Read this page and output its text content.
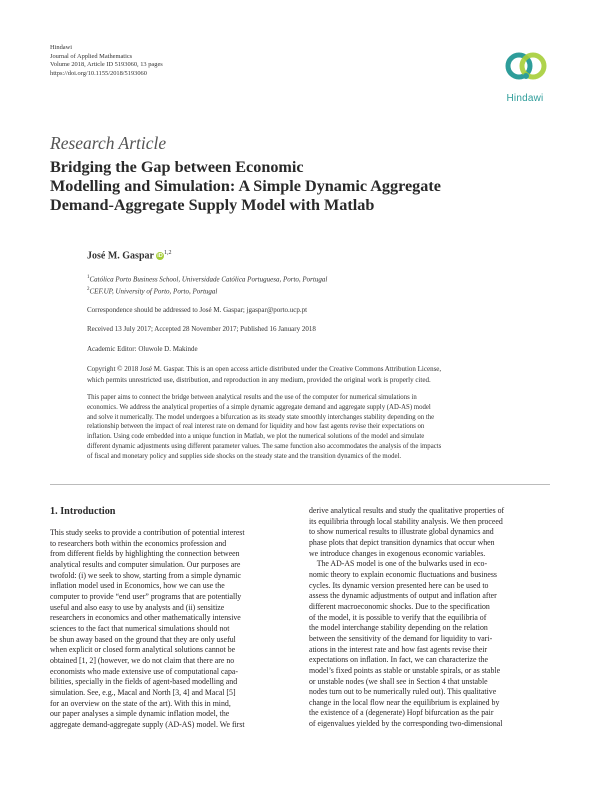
Hindawi
Journal of Applied Mathematics
Volume 2018, Article ID 5193060, 13 pages
https://doi.org/10.1155/2018/5193060
Hindawi
Research Article
Bridging the Gap between Economic
Modelling and Simulation: A Simple Dynamic Aggregate
Demand-Aggregate Supply Model with Matlab
José M. Gaspar iD$^{1,2}$
$^1$Católica Porto Business School, Universidade Católica Portuguesa, Porto, Portugal
$^2$CEF.UP, University of Porto, Porto, Portugal
Correspondence should be addressed to José M. Gaspar; jgaspar@porto.ucp.pt
Received 13 July 2017; Accepted 28 November 2017; Published 16 January 2018
Academic Editor: Oluwole D. Makinde
Copyright © 2018 José M. Gaspar. This is an open access article distributed under the Creative Commons Attribution License,
which permits unrestricted use, distribution, and reproduction in any medium, provided the original work is properly cited.
This paper aims to connect the bridge between analytical results and the use of the computer for numerical simulations in
economics. We address the analytical properties of a simple dynamic aggregate demand and aggregate supply (AD-AS) model
and solve it numerically. The model undergoes a bifurcation as its steady state smoothly interchanges stability depending on the
relationship between the impact of real interest rate on demand for liquidity and how fast agents revise their expectations on
inflation. Using code embedded into a unique function in Matlab, we plot the numerical solutions of the model and simulate
different dynamic adjustments using different parameter values. The same function also accommodates the analysis of the impacts
of fiscal and monetary policy and supplies side shocks on the steady state and the transition dynamics of the model.
1. Introduction
This study seeks to provide a contribution of potential interest
to researchers both within the economics profession and
from different fields by highlighting the connection between
analytical results and computer simulation. Our purposes are
twofold: (i) we seek to show, starting from a simple dynamic
inflation model used in Economics, how we can use the
computer to provide “end user” programs that are potentially
useful and also easy to use by analysts and (ii) sensitize
researchers in economics and other mathematically intensive
sciences to the fact that numerical simulations should not
be shun away based on the ground that they are only useful
when explicit or closed form analytical solutions cannot be
obtained [1, 2] (however, we do not claim that there are no
economists who made extensive use of computational capa-
bilities, specially in the fields of agent-based modelling and
simulation. See, e.g., Macal and North [3, 4] and Macal [5]
for an overview on the state of the art). With this in mind,
our paper analyses a simple dynamic inflation model, the
aggregate demand-aggregate supply (AD-AS) model. We first
derive analytical results and study the qualitative properties of
its equilibria through local stability analysis. We then proceed
to show numerical results to illustrate global dynamics and
phase plots that depict transition dynamics that occur when
we introduce changes in exogenous economic variables.
The AD-AS model is one of the bulwarks used in eco-
nomic theory to explain economic fluctuations and business
cycles. Its dynamic version presented here can be used to
assess the dynamic adjustments of output and inflation after
different macroeconomic shocks. Due to the specification
of the model, it is possible to verify that the equilibria of
the model interchange stability depending on the relation
between the sensitivity of the demand for liquidity to vari-
ations in the interest rate and how fast agents revise their
expectations on inflation. In fact, we can characterize the
model’s fixed points as stable or unstable spirals, or as stable
or unstable nodes (we shall see in Section 4 that unstable
nodes turn out to be numerically ruled out). This qualitative
change in the local flow near the equilibrium is explained by
the existence of a (degenerate) Hopf bifurcation as the pair
of eigenvalues yielded by the corresponding two-dimensional
